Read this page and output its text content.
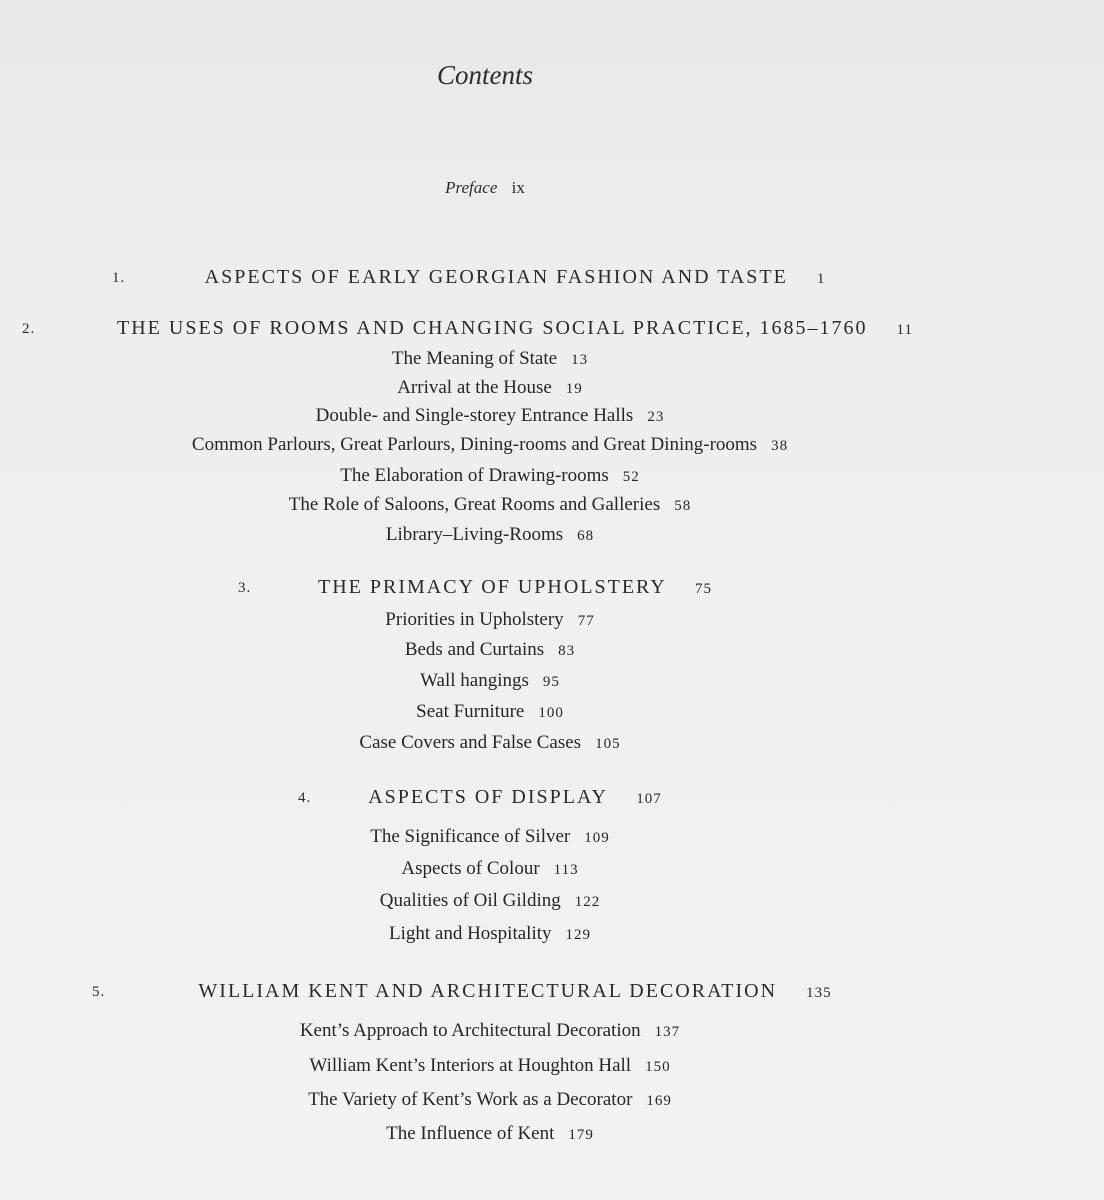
Contents
Preface ix
1.	ASPECTS OF EARLY GEORGIAN FASHION AND TASTE 1
2.	THE USES OF ROOMS AND CHANGING SOCIAL PRACTICE, 1685–1760 11
The Meaning of State 13
Arrival at the House 19
Double- and Single-storey Entrance Halls 23
Common Parlours, Great Parlours, Dining-rooms and Great Dining-rooms 38
The Elaboration of Drawing-rooms 52
The Role of Saloons, Great Rooms and Galleries 58
Library–Living-Rooms 68
3.	THE PRIMACY OF UPHOLSTERY 75
Priorities in Upholstery 77
Beds and Curtains 83
Wall hangings 95
Seat Furniture 100
Case Covers and False Cases 105
4.	ASPECTS OF DISPLAY 107
The Significance of Silver 109
Aspects of Colour 113
Qualities of Oil Gilding 122
Light and Hospitality 129
5.	WILLIAM KENT AND ARCHITECTURAL DECORATION 135
Kent’s Approach to Architectural Decoration 137
William Kent’s Interiors at Houghton Hall 150
The Variety of Kent’s Work as a Decorator 169
The Influence of Kent 179
